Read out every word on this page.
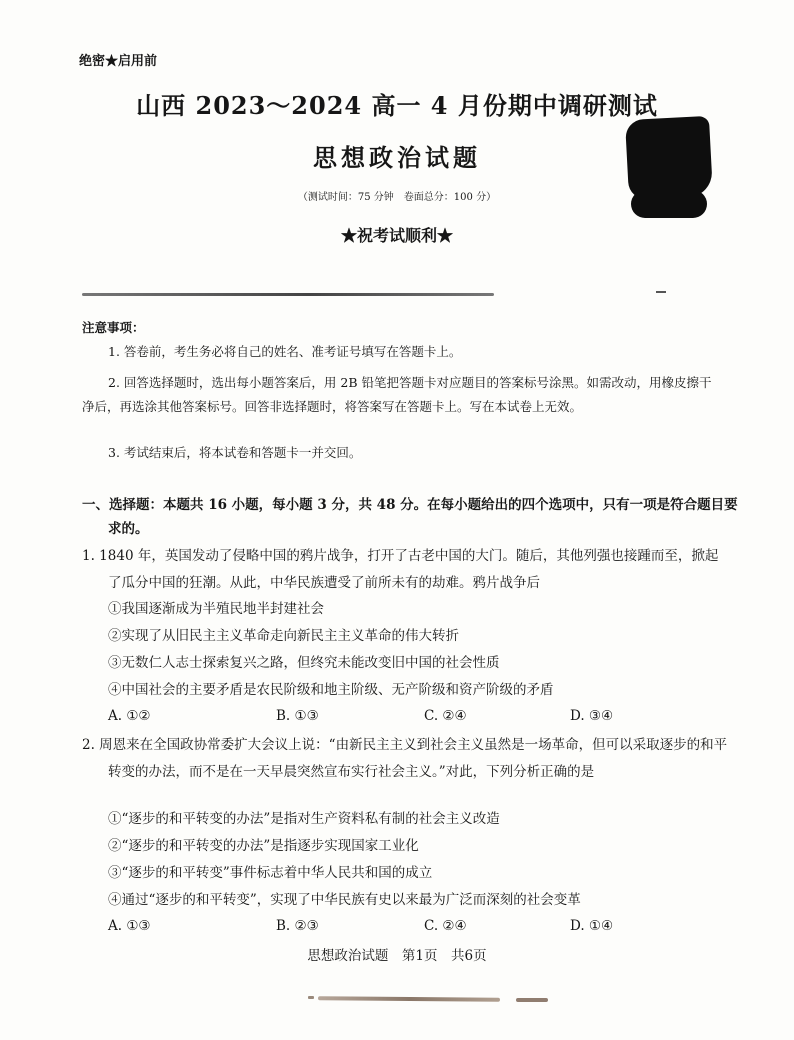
绝密★启用前
山西 2023～2024 高一 4 月份期中调研测试
思想政治试题
（测试时间：75 分钟　卷面总分：100 分）
★祝考试顺利★
注意事项：
1. 答卷前，考生务必将自己的姓名、准考证号填写在答题卡上。
2. 回答选择题时，选出每小题答案后，用 2B 铅笔把答题卡对应题目的答案标号涂黑。如需改动，用橡皮擦干净后，再选涂其他答案标号。回答非选择题时，将答案写在答题卡上。写在本试卷上无效。
3. 考试结束后，将本试卷和答题卡一并交回。
一、选择题：本题共 16 小题，每小题 3 分，共 48 分。在每小题给出的四个选项中，只有一项是符合题目要求的。
1. 1840 年，英国发动了侵略中国的鸦片战争，打开了古老中国的大门。随后，其他列强也接踵而至，掀起了瓜分中国的狂潮。从此，中华民族遭受了前所未有的劫难。鸦片战争后
①我国逐渐成为半殖民地半封建社会
②实现了从旧民主主义革命走向新民主主义革命的伟大转折
③无数仁人志士探索复兴之路，但终究未能改变旧中国的社会性质
④中国社会的主要矛盾是农民阶级和地主阶级、无产阶级和资产阶级的矛盾
A. ①②	B. ①③	C. ②④	D. ③④
2. 周恩来在全国政协常委扩大会议上说：“由新民主主义到社会主义虽然是一场革命，但可以采取逐步的和平转变的办法，而不是在一天早晨突然宣布实行社会主义。”对此，下列分析正确的是
①“逐步的和平转变的办法”是指对生产资料私有制的社会主义改造
②“逐步的和平转变的办法”是指逐步实现国家工业化
③“逐步的和平转变”事件标志着中华人民共和国的成立
④通过“逐步的和平转变”，实现了中华民族有史以来最为广泛而深刻的社会变革
A. ①③	B. ②③	C. ②④	D. ①④
思想政治试题　第1页　共6页
